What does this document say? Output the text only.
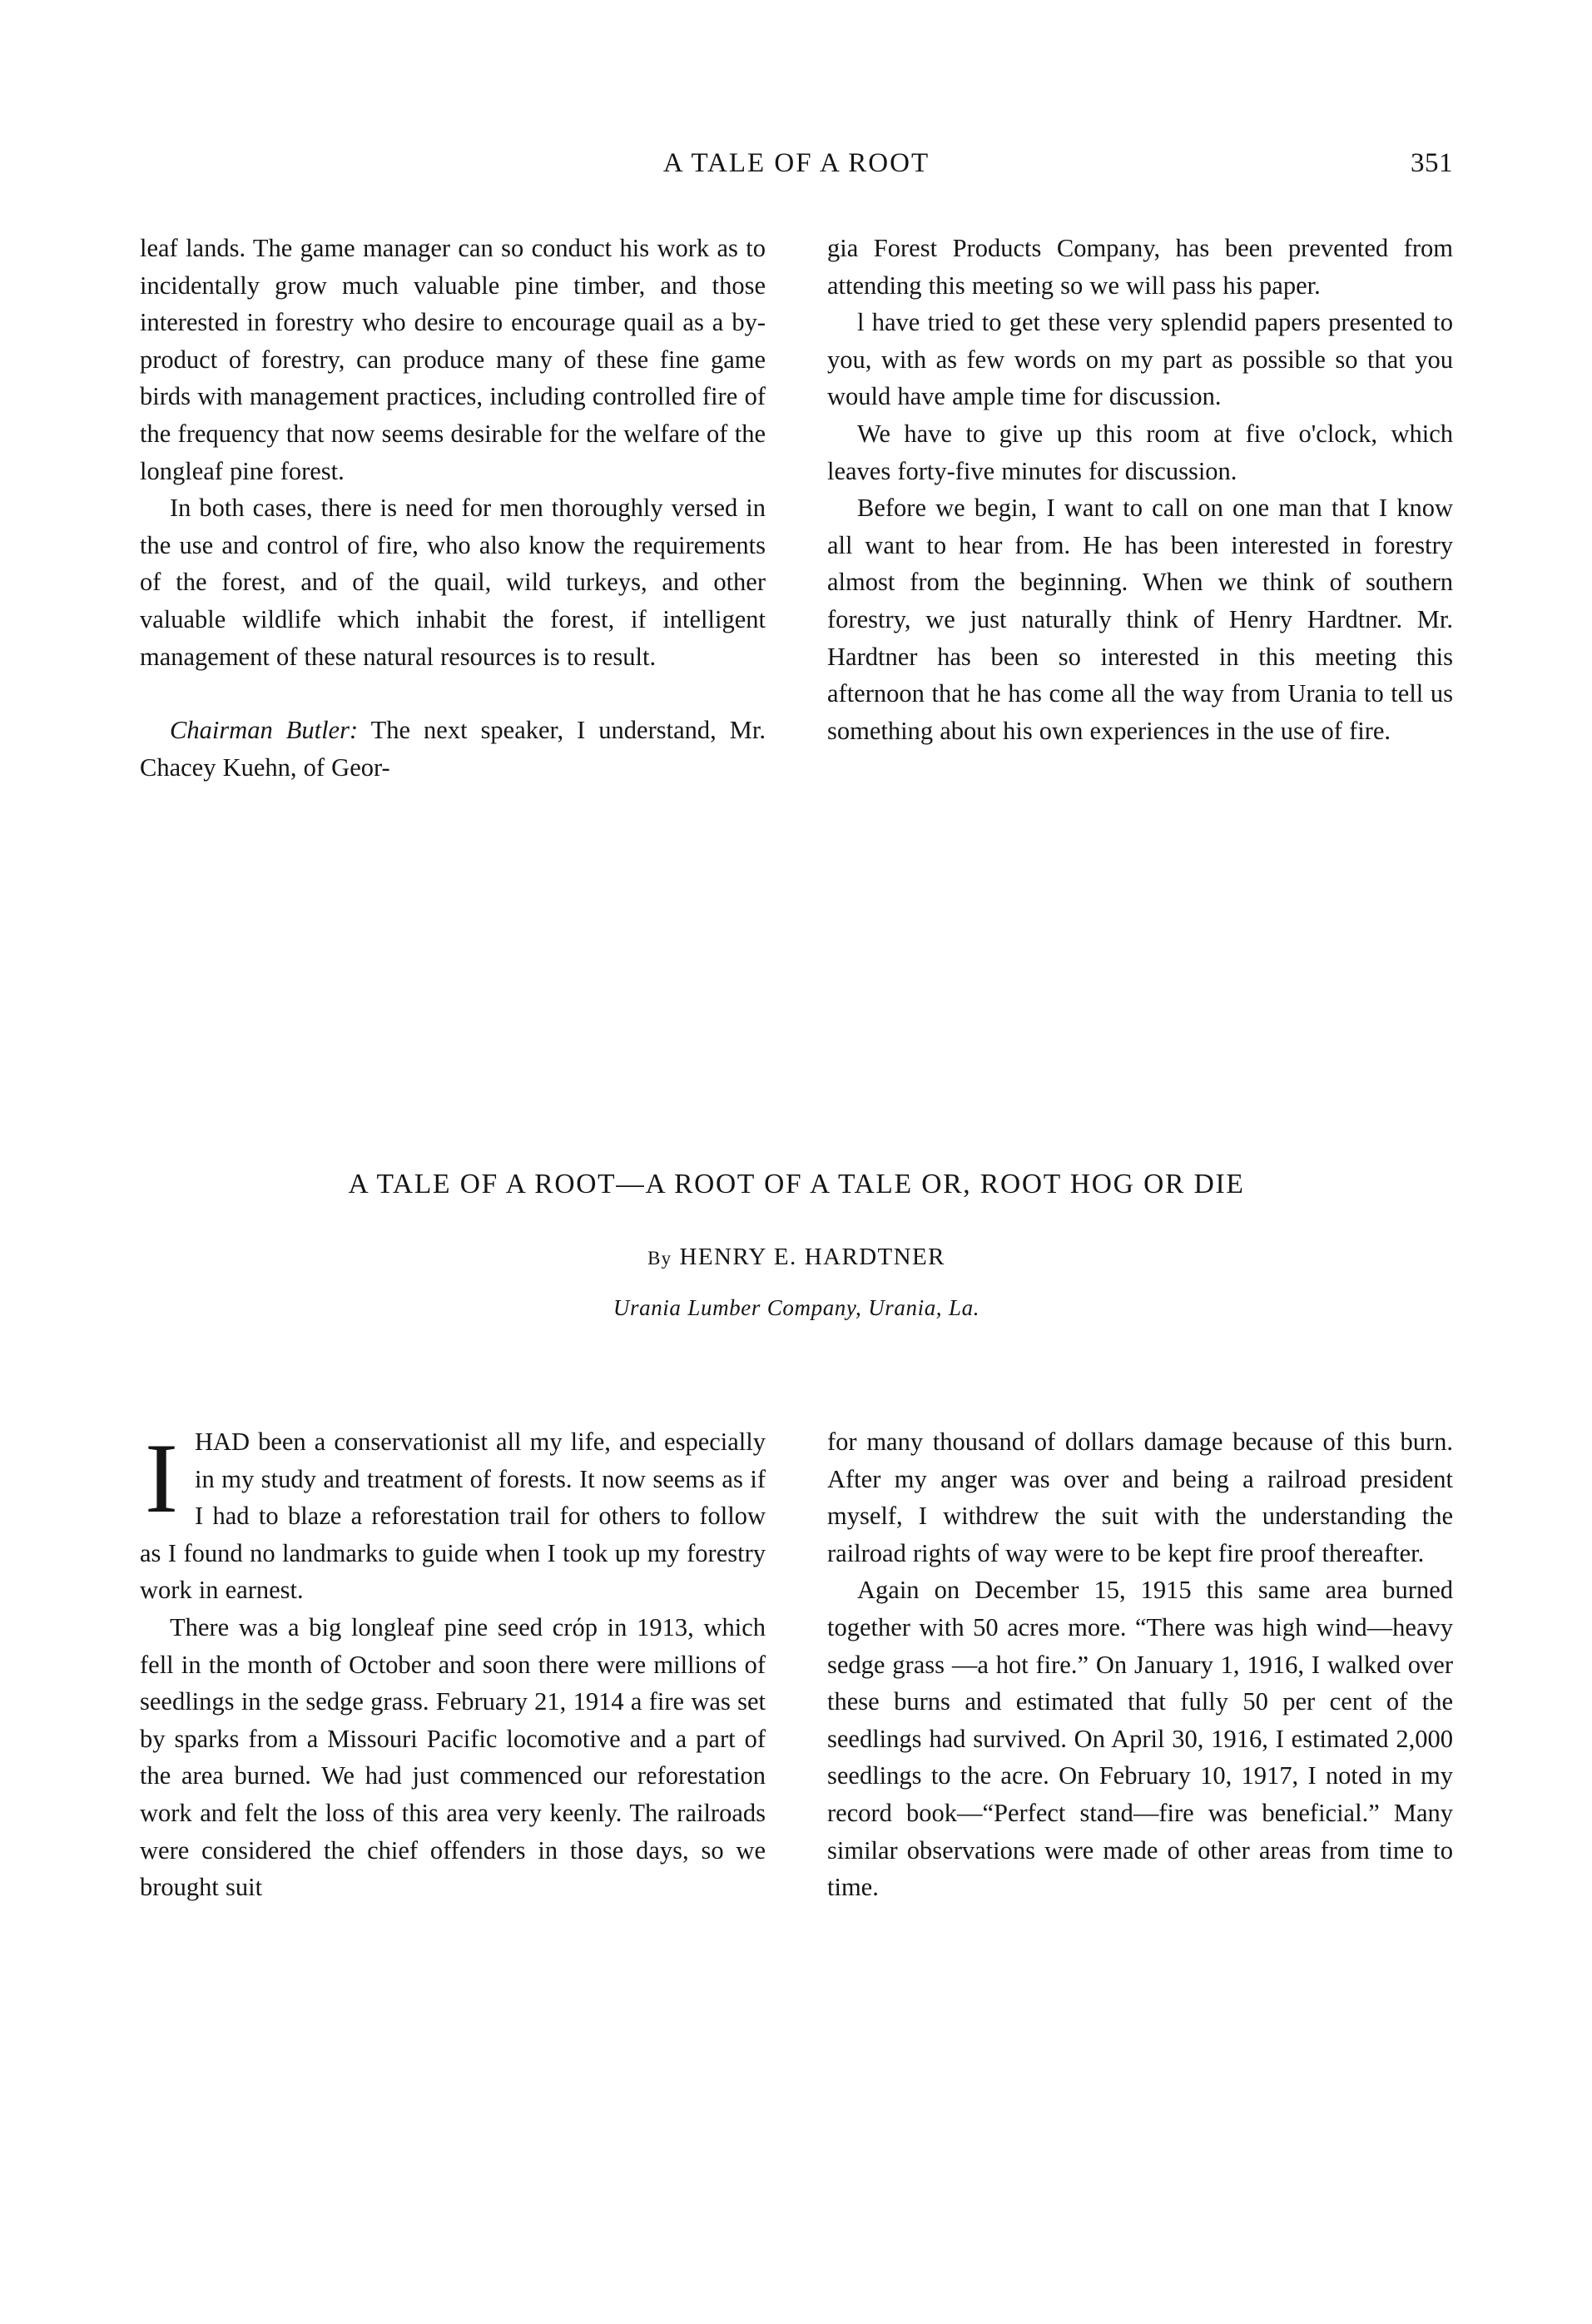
A TALE OF A ROOT	351

leaf lands. The game manager can so conduct his work as to incidentally grow much valuable pine timber, and those interested in forestry who desire to encourage quail as a by-product of forestry, can produce many of these fine game birds with management practices, including controlled fire of the frequency that now seems desirable for the welfare of the longleaf pine forest.

In both cases, there is need for men thoroughly versed in the use and control of fire, who also know the requirements of the forest, and of the quail, wild turkeys, and other valuable wildlife which inhabit the forest, if intelligent management of these natural resources is to result.

Chairman Butler: The next speaker, I understand, Mr. Chacey Kuehn, of Geor-

gia Forest Products Company, has been prevented from attending this meeting so we will pass his paper.

l have tried to get these very splendid papers presented to you, with as few words on my part as possible so that you would have ample time for discussion.

We have to give up this room at five o'clock, which leaves forty-five minutes for discussion.

Before we begin, I want to call on one man that I know all want to hear from. He has been interested in forestry almost from the beginning. When we think of southern forestry, we just naturally think of Henry Hardtner. Mr. Hardtner has been so interested in this meeting this afternoon that he has come all the way from Urania to tell us something about his own experiences in the use of fire.

A TALE OF A ROOT—A ROOT OF A TALE OR, ROOT HOG OR DIE

By HENRY E. HARDTNER

Urania Lumber Company, Urania, La.

IHAD been a conservationist all my life, and especially in my study and treatment of forests. It now seems as if I had to blaze a reforestation trail for others to follow as I found no landmarks to guide when I took up my forestry work in earnest.

There was a big longleaf pine seed crόp in 1913, which fell in the month of October and soon there were millions of seedlings in the sedge grass. February 21, 1914 a fire was set by sparks from a Missouri Pacific locomotive and a part of the area burned. We had just commenced our reforestation work and felt the loss of this area very keenly. The railroads were considered the chief offenders in those days, so we brought suit

for many thousand of dollars damage because of this burn. After my anger was over and being a railroad president myself, I withdrew the suit with the understanding the railroad rights of way were to be kept fire proof thereafter.

Again on December 15, 1915 this same area burned together with 50 acres more. “There was high wind—heavy sedge grass —a hot fire.” On January 1, 1916, I walked over these burns and estimated that fully 50 per cent of the seedlings had survived. On April 30, 1916, I estimated 2,000 seedlings to the acre. On February 10, 1917, I noted in my record book—“Perfect stand—fire was beneficial.” Many similar observations were made of other areas from time to time.
